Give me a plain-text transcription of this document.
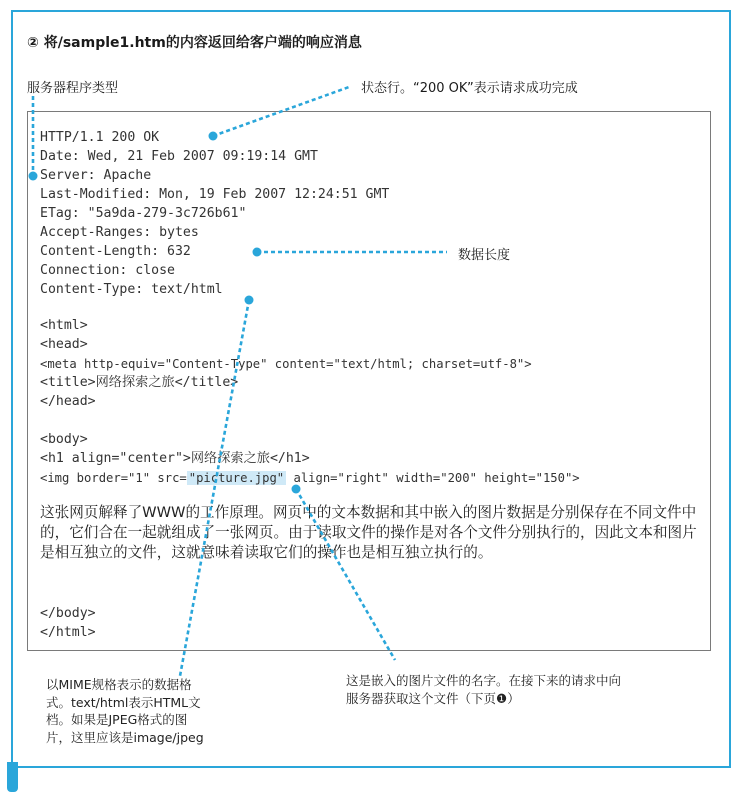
② 将/sample1.htm的内容返回给客户端的响应消息
服务器程序类型	状态行。“200 OK”表示请求成功完成
HTTP/1.1 200 OK
Date: Wed, 21 Feb 2007 09:19:14 GMT
Server: Apache
Last-Modified: Mon, 19 Feb 2007 12:24:51 GMT
ETag: "5a9da-279-3c726b61"
Accept-Ranges: bytes
Content-Length: 632
Connection: close
Content-Type: text/html
数据长度
<html>
<head>
<meta http-equiv="Content-Type" content="text/html; charset=utf-8">
<title>网络探索之旅</title>
</head>
<body>
<h1 align="center">网络探索之旅</h1>
<img border="1" src= "picture.jpg" align="right" width="200" height="150">
这张网页解释了WWW的工作原理。网页中的文本数据和其中嵌入的图片数据是分别保存在不同文件中的，它们合在一起就组成了一张网页。由于读取文件的操作是对各个文件分别执行的，因此文本和图片是相互独立的文件，这就意味着读取它们的操作也是相互独立执行的。
</body>
</html>
以MIME规格表示的数据格
式。text/html表示HTML文
档。如果是JPEG格式的图
片，这里应该是image/jpeg
这是嵌入的图片文件的名字。在接下来的请求中向
服务器获取这个文件（下页❶）
